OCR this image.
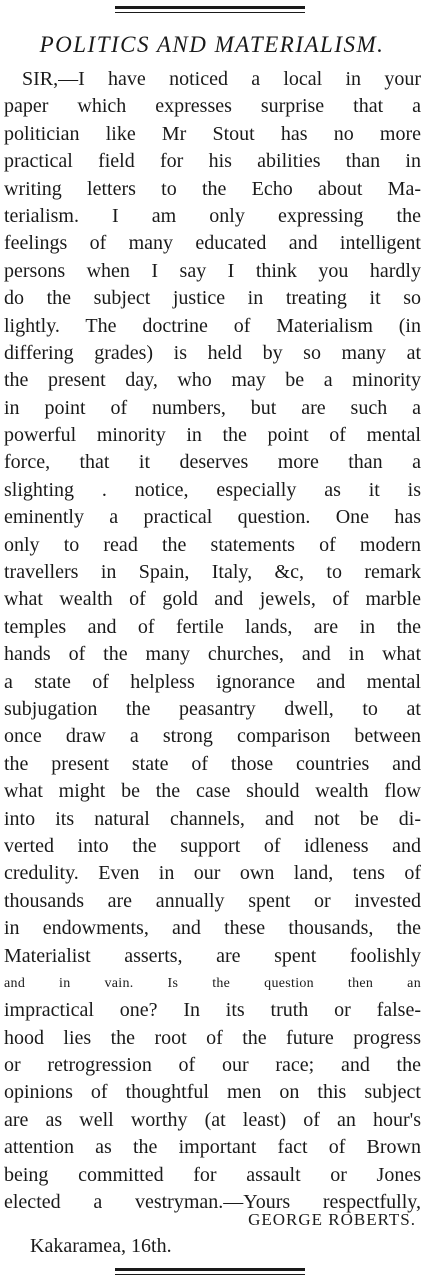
POLITICS AND MATERIALISM.
SIR,—I have noticed a local in your
paper which expresses surprise that a
politician like Mr Stout has no more
practical field for his abilities than in
writing letters to the Echo about Ma-
terialism. I am only expressing the
feelings of many educated and intelligent
persons when I say I think you hardly
do the subject justice in treating it so
lightly. The doctrine of Materialism (in
differing grades) is held by so many at
the present day, who may be a minority
in point of numbers, but are such a
powerful minority in the point of mental
force, that it deserves more than a
slighting . notice, especially as it is
eminently a practical question. One has
only to read the statements of modern
travellers in Spain, Italy, &c, to remark
what wealth of gold and jewels, of marble
temples and of fertile lands, are in the
hands of the many churches, and in what
a state of helpless ignorance and mental
subjugation the peasantry dwell, to at
once draw a strong comparison between
the present state of those countries and
what might be the case should wealth flow
into its natural channels, and not be di-
verted into the support of idleness and
credulity. Even in our own land, tens of
thousands are annually spent or invested
in endowments, and these thousands, the
Materialist asserts, are spent foolishly
and in vain. Is the question then an
impractical one? In its truth or false-
hood lies the root of the future progress
or retrogression of our race; and the
opinions of thoughtful men on this subject
are as well worthy (at least) of an hour's
attention as the important fact of Brown
being committed for assault or Jones
elected a vestryman.—Yours respectfully,
GEORGE ROBERTS.
Kakaramea, 16th.
